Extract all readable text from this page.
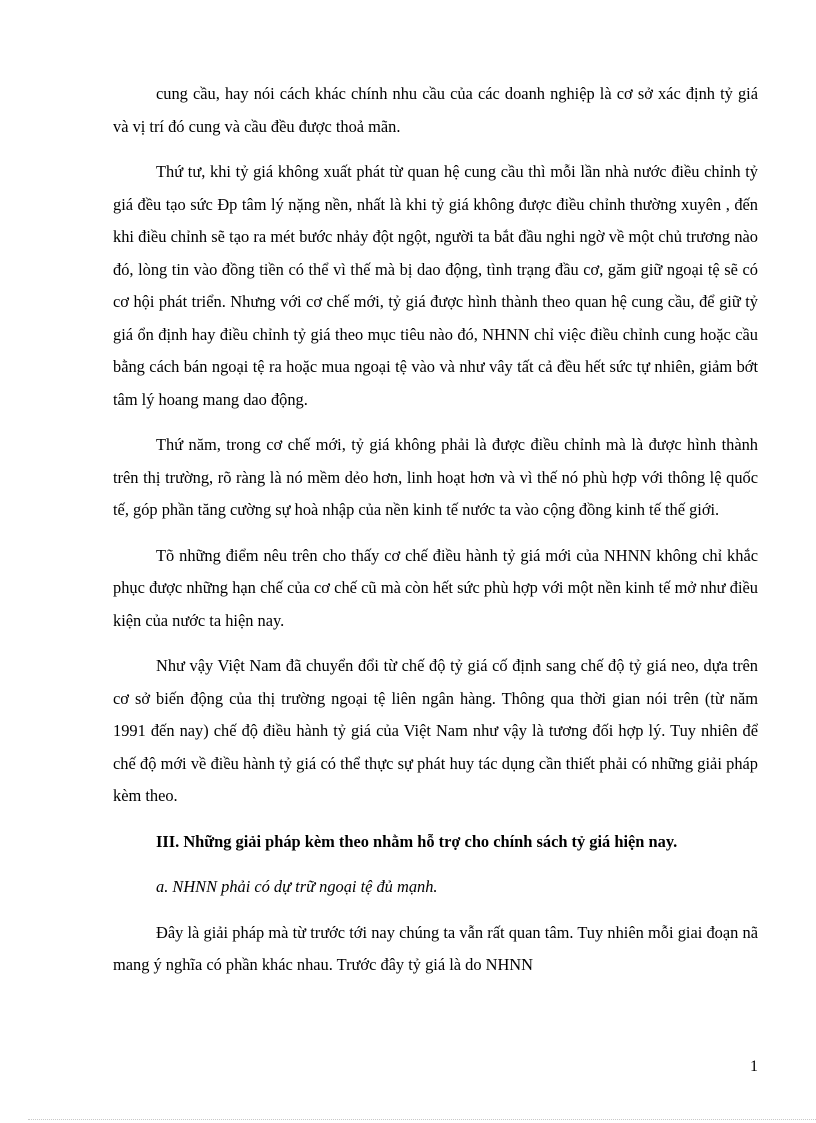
cung cầu, hay nói cách khác chính nhu cầu của các doanh nghiệp là cơ sở xác định tỷ giá và vị trí đó cung và cầu đều được thoả mãn.

Thứ tư, khi tỷ giá không xuất phát từ quan hệ cung cầu thì mỗi lần nhà nước điều chỉnh tỷ giá đều tạo sức Ðp tâm lý nặng nền, nhất là khi tỷ giá không được điều chỉnh thường xuyên , đến khi điều chỉnh sẽ tạo ra mét bước nhảy đột ngột, người ta bắt đầu nghi ngờ về một chủ trương nào đó, lòng tin vào đồng tiền có thể vì thế mà bị dao động, tình trạng đầu cơ, găm giữ ngoại tệ sẽ có cơ hội phát triển. Nhưng với cơ chế mới, tỷ giá được hình thành theo quan hệ cung cầu, để giữ tỷ giá ổn định hay điều chỉnh tỷ giá theo mục tiêu nào đó, NHNN chỉ việc điều chỉnh cung hoặc cầu bằng cách bán ngoại tệ ra hoặc mua ngoại tệ vào và như vây tất cả đều hết sức tự nhiên, giảm bớt tâm lý hoang mang dao động.

Thứ năm, trong cơ chế mới, tỷ giá không phải là được điều chỉnh mà là được hình thành trên thị trường, rõ ràng là nó mềm dẻo hơn, linh hoạt hơn và vì thế nó phù hợp với thông lệ quốc tế, góp phần tăng cường sự hoà nhập của nền kinh tế nước ta vào cộng đồng kinh tế thế giới.

Tõ những điểm nêu trên cho thấy cơ chế điều hành tỷ giá mới của NHNN không chỉ khắc phục được những hạn chế của cơ chế cũ mà còn hết sức phù hợp với một nền kinh tế mở như điều kiện của nước ta hiện nay.

Như vậy Việt Nam đã chuyển đổi từ chế độ tỷ giá cố định sang chế độ tỷ giá neo, dựa trên cơ sở biến động của thị trường ngoại tệ liên ngân hàng. Thông qua thời gian nói trên (từ năm 1991 đến nay) chế độ điều hành tỷ giá của Việt Nam như vậy là tương đối hợp lý. Tuy nhiên để chế độ mới về điều hành tỷ giá có thể thực sự phát huy tác dụng cần thiết phải có những giải pháp kèm theo.

III. Những giải pháp kèm theo nhằm hỗ trợ cho chính sách tỷ giá hiện nay.

a. NHNN phải có dự trữ ngoại tệ đủ mạnh.

Đây là giải pháp mà từ trước tới nay chúng ta vẫn rất quan tâm. Tuy nhiên mỗi giai đoạn nã mang ý nghĩa có phần khác nhau. Trước đây tỷ giá là do NHNN

1
